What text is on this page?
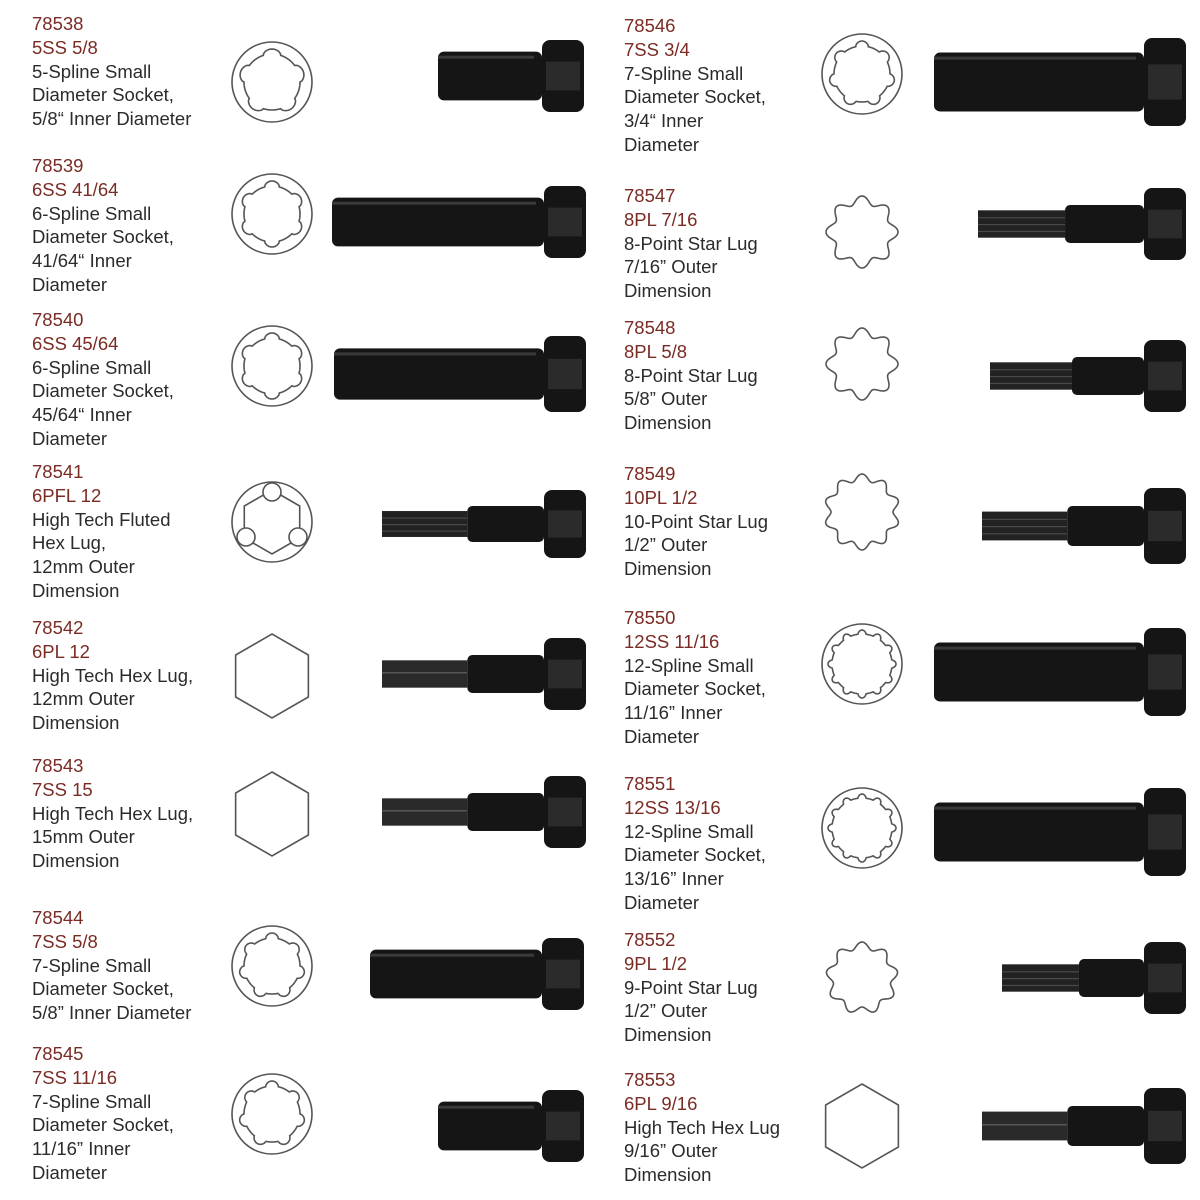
78538
5SS 5/8
5-Spline Small
Diameter Socket,
5/8“ Inner Diameter
78539
6SS 41/64
6-Spline Small
Diameter Socket,
41/64“ Inner
Diameter
78540
6SS 45/64
6-Spline Small
Diameter Socket,
45/64“ Inner
Diameter
78541
6PFL 12
High Tech Fluted
Hex Lug,
12mm Outer
Dimension
78542
6PL 12
High Tech Hex Lug,
12mm Outer
Dimension
78543
7SS 15
High Tech Hex Lug,
15mm Outer
Dimension
78544
7SS 5/8
7-Spline Small
Diameter Socket,
5/8” Inner Diameter
78545
7SS 11/16
7-Spline Small
Diameter Socket,
11/16” Inner
Diameter
78546
7SS 3/4
7-Spline Small
Diameter Socket,
3/4“ Inner
Diameter
78547
8PL 7/16
8-Point Star Lug
7/16” Outer
Dimension
78548
8PL 5/8
8-Point Star Lug
5/8” Outer
Dimension
78549
10PL 1/2
10-Point Star Lug
1/2” Outer
Dimension
78550
12SS 11/16
12-Spline Small
Diameter Socket,
11/16” Inner
Diameter
78551
12SS 13/16
12-Spline Small
Diameter Socket,
13/16” Inner
Diameter
78552
9PL 1/2
9-Point Star Lug
1/2” Outer
Dimension
78553
6PL 9/16
High Tech Hex Lug
9/16” Outer
Dimension
